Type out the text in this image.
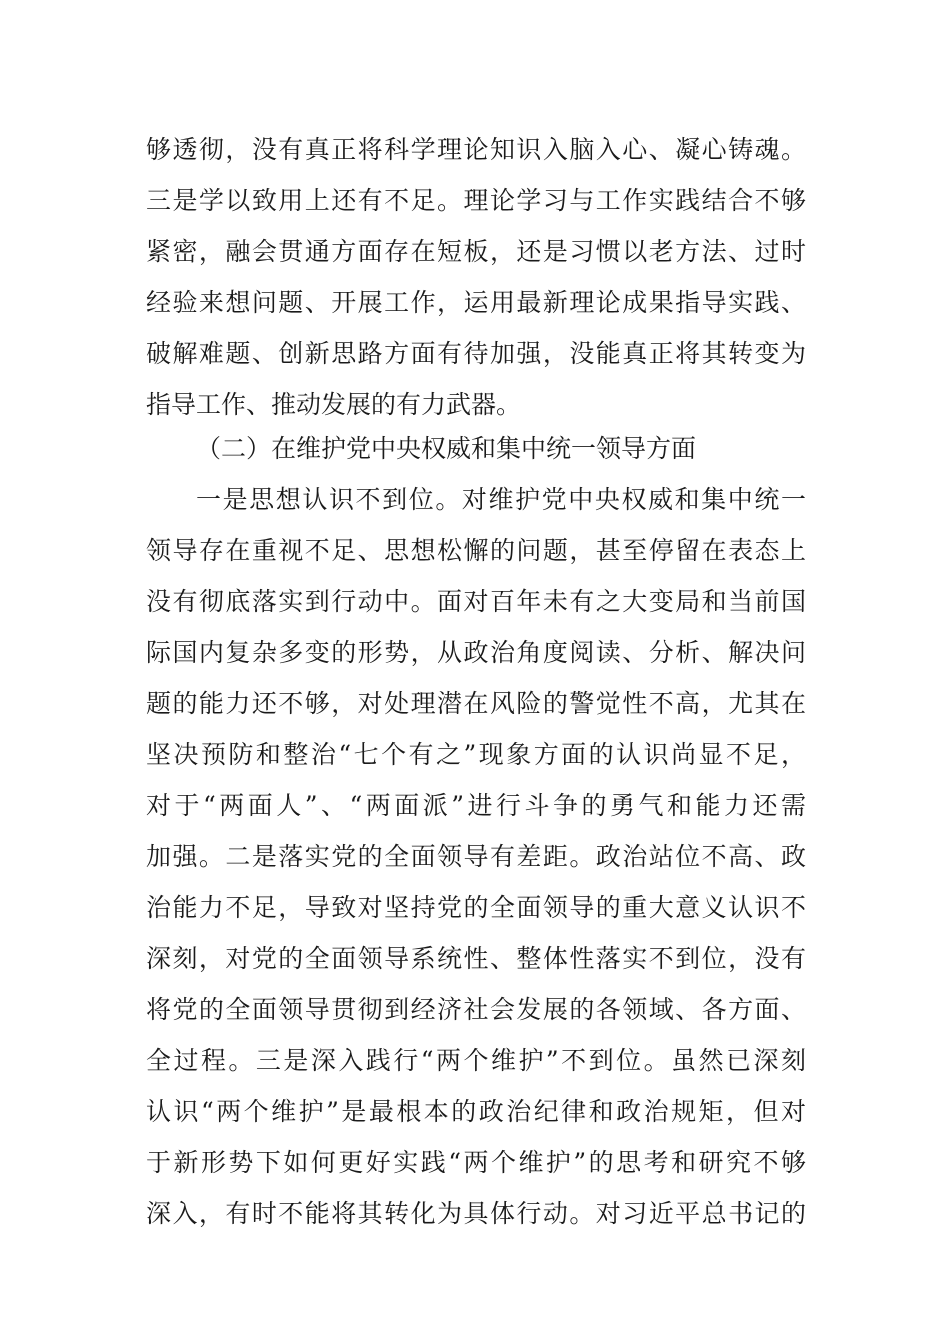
够透彻，没有真正将科学理论知识入脑入心、凝心铸魂。
三是学以致用上还有不足。理论学习与工作实践结合不够
紧密，融会贯通方面存在短板，还是习惯以老方法、过时
经验来想问题、开展工作，运用最新理论成果指导实践、
破解难题、创新思路方面有待加强，没能真正将其转变为
指导工作、推动发展的有力武器。
（二）在维护党中央权威和集中统一领导方面
一是思想认识不到位。对维护党中央权威和集中统一
领导存在重视不足、思想松懈的问题，甚至停留在表态上
没有彻底落实到行动中。面对百年未有之大变局和当前国
际国内复杂多变的形势，从政治角度阅读、分析、解决问
题的能力还不够，对处理潜在风险的警觉性不高，尤其在
坚决预防和整治“七个有之”现象方面的认识尚显不足，
对于“两面人”、“两面派”进行斗争的勇气和能力还需
加强。二是落实党的全面领导有差距。政治站位不高、政
治能力不足，导致对坚持党的全面领导的重大意义认识不
深刻，对党的全面领导系统性、整体性落实不到位，没有
将党的全面领导贯彻到经济社会发展的各领域、各方面、
全过程。三是深入践行“两个维护”不到位。虽然已深刻
认识“两个维护”是最根本的政治纪律和政治规矩，但对
于新形势下如何更好实践“两个维护”的思考和研究不够
深入，有时不能将其转化为具体行动。对习近平总书记的
